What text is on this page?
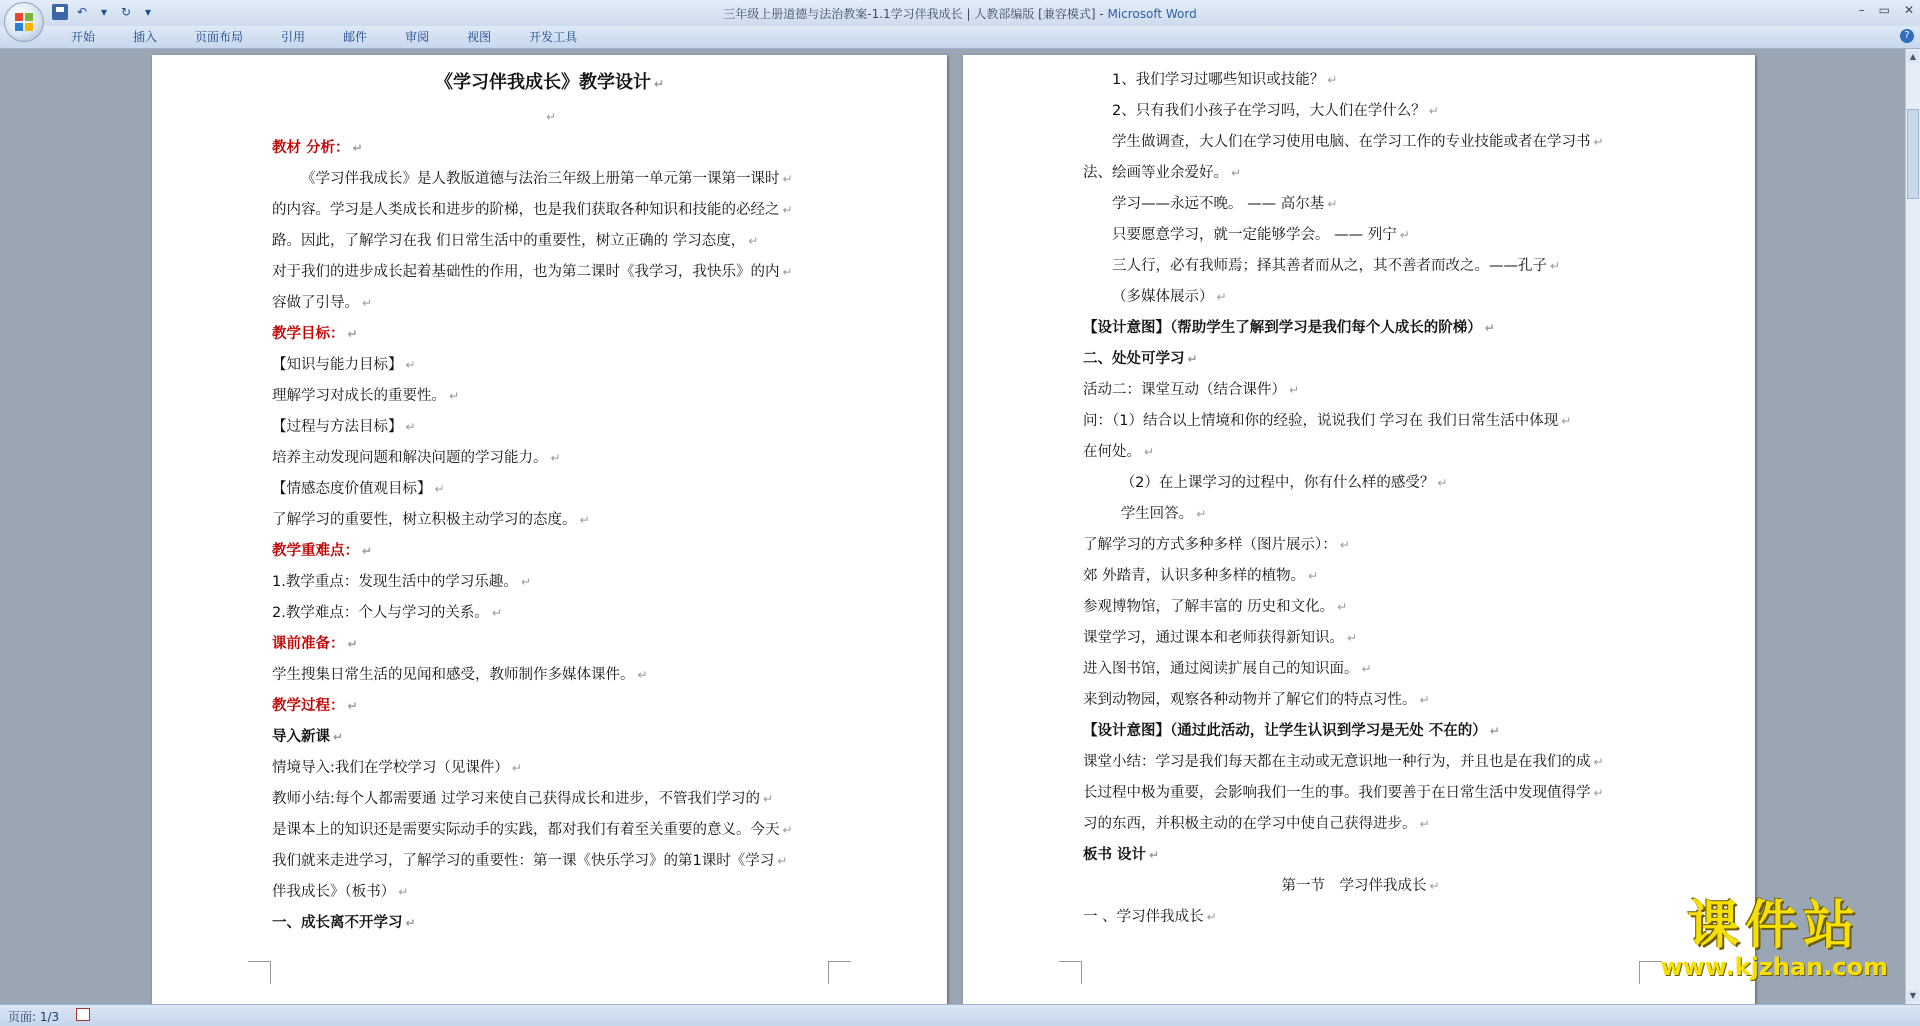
↶	▾	↻	▾	三年级上册道德与法治教案-1.1学习伴我成长 | 人教部编版 [兼容模式] - Microsoft Word	– ▭ ✕
开始	插入	页面布局	引用	邮件	审阅	视图	开发工具	?
《学习伴我成长》教学设计 ↵
↵
教材 分析： ↵
《学习伴我成长》是人教版道德与法治三年级上册第一单元第一课第一课时 ↵
的内容。学习是人类成长和进步的阶梯，也是我们获取各种知识和技能的必经之 ↵
路。因此，了解学习在我 们日常生活中的重要性，树立正确的 学习态度， ↵
对于我们的进步成长起着基础性的作用，也为第二课时《我学习，我快乐》的内 ↵
容做了引导。 ↵
教学目标： ↵
【知识与能力目标】 ↵
理解学习对成长的重要性。 ↵
【过程与方法目标】 ↵
培养主动发现问题和解决问题的学习能力。 ↵
【情感态度价值观目标】 ↵
了解学习的重要性，树立积极主动学习的态度。 ↵
教学重难点： ↵
1.教学重点：发现生活中的学习乐趣。 ↵
2.教学难点：个人与学习的关系。 ↵
课前准备： ↵
学生搜集日常生活的见闻和感受，教师制作多媒体课件。 ↵
教学过程： ↵
导入新课 ↵
情境导入:我们在学校学习（见课件） ↵
教师小结:每个人都需要通 过学习来使自己获得成长和进步，不管我们学习的 ↵
是课本上的知识还是需要实际动手的实践，都对我们有着至关重要的意义。今天 ↵
我们就来走进学习，了解学习的重要性：第一课《快乐学习》的第1课时《学习 ↵
伴我成长》（板书） ↵
一、成长离不开学习 ↵
1、我们学习过哪些知识或技能？ ↵
2、只有我们小孩子在学习吗，大人们在学什么？ ↵
学生做调查，大人们在学习使用电脑、在学习工作的专业技能或者在学习书 ↵
法、绘画等业余爱好。 ↵
学习——永远不晚。 —— 高尔基 ↵
只要愿意学习，就一定能够学会。 —— 列宁 ↵
三人行，必有我师焉；择其善者而从之，其不善者而改之。——孔子 ↵
（多媒体展示） ↵
【设计意图】（帮助学生了解到学习是我们每个人成长的阶梯） ↵
二、处处可学习 ↵
活动二：课堂互动（结合课件） ↵
问：（1）结合以上情境和你的经验，说说我们 学习在 我们日常生活中体现 ↵
在何处。 ↵
（2）在上课学习的过程中，你有什么样的感受？ ↵
学生回答。 ↵
了解学习的方式多种多样（图片展示）： ↵
郊 外踏青，认识多种多样的植物。 ↵
参观博物馆，了解丰富的 历史和文化。 ↵
课堂学习，通过课本和老师获得新知识。 ↵
进入图书馆，通过阅读扩展自己的知识面。 ↵
来到动物园，观察各种动物并了解它们的特点习性。 ↵
【设计意图】（通过此活动，让学生认识到学习是无处 不在的） ↵
课堂小结：学习是我们每天都在主动或无意识地一种行为，并且也是在我们的成 ↵
长过程中极为重要，会影响我们一生的事。我们要善于在日常生活中发现值得学 ↵
习的东西，并积极主动的在学习中使自己获得进步。 ↵
板书 设计 ↵
第一节　学习伴我成长 ↵
一 、学习伴我成长 ↵	课件站
www.kjzhan.com
▲
▼
页面: 1/3
